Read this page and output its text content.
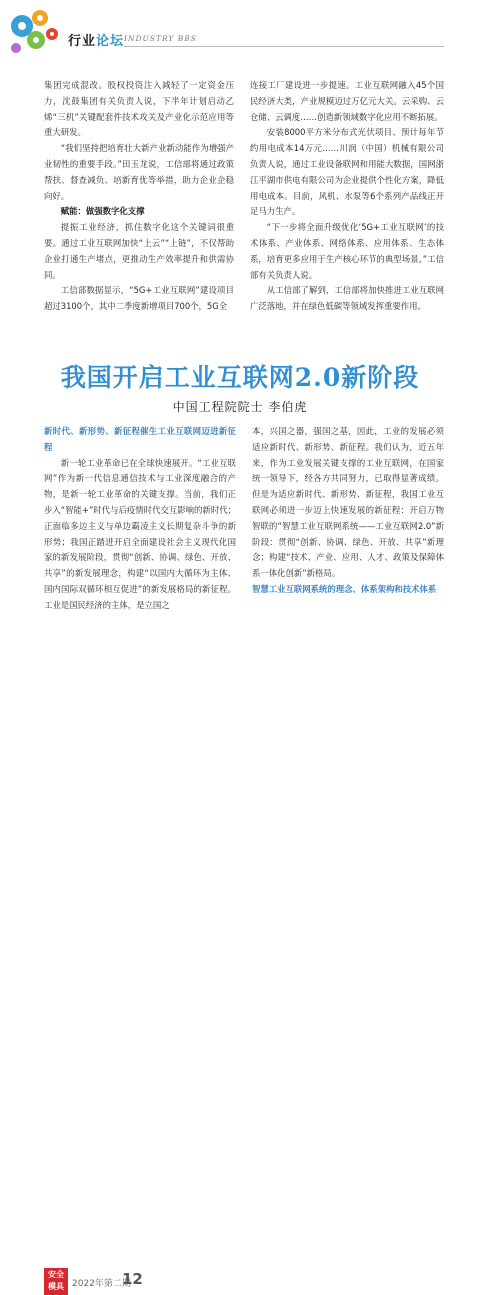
行业论坛 INDUSTRY BBS

集团完成混改。股权投资注入减轻了一定资金压力，沈鼓集团有关负责人说，下半年计划启动乙烯“三机”关键配套件技术攻关及产业化示范应用等重大研发。

“我们坚持把培育壮大新产业新动能作为增强产业韧性的重要手段。”田玉龙说，工信部将通过政策帮扶、督查减负、培新育优等举措，助力企业企稳向好。

赋能：做强数字化支撑

提振工业经济，抓住数字化这个关键词很重要。通过工业互联网加快“上云”“上链”，不仅帮助企业打通生产堵点，更推动生产效率提升和供需协同。

工信部数据显示，“5G+工业互联网”建设项目超过3100个，其中二季度新增项目700个，5G全

连接工厂建设进一步提速。工业互联网融入45个国民经济大类，产业规模迈过万亿元大关。云采购、云仓储、云调度……创造新领域数字化应用不断拓展。

安装8000平方米分布式光伏项目、预计每年节约用电成本14万元……川润（中国）机械有限公司负责人说，通过工业设备联网和用能大数据，国网浙江平湖市供电有限公司为企业提供个性化方案，降低用电成本。目前，风机、水泵等6个系列产品线正开足马力生产。

“下一步将全面升级优化‘5G+工业互联网’的技术体系、产业体系、网络体系、应用体系、生态体系，培育更多应用于生产核心环节的典型场景。”工信部有关负责人说。

从工信部了解到，工信部将加快推进工业互联网广泛落地，并在绿色低碳等领域发挥重要作用。

我国开启工业互联网2.0新阶段
中国工程院院士 李伯虎

新时代、新形势、新征程催生工业互联网迈进新征程

新一轮工业革命已在全球快速展开。“工业互联网”作为新一代信息通信技术与工业深度融合的产物，是新一轮工业革命的关键支撑。当前，我们正步入“智能+”时代与后疫情时代交互影响的新时代；正面临多边主义与单边霸凌主义长期复杂斗争的新形势；我国正踏进开启全面建设社会主义现代化国家的新发展阶段，贯彻“创新、协调、绿色、开放、共享”的新发展理念，构建“以国内大循环为主体、国内国际双循环相互促进”的新发展格局的新征程。工业是国民经济的主体，是立国之

本，兴国之器，强国之基，因此，工业的发展必须适应新时代、新形势、新征程。我们认为，近五年来，作为工业发展关键支撑的工业互联网，在国家统一领导下，经各方共同努力，已取得显著成绩。但是为适应新时代、新形势、新征程，我国工业互联网必须进一步迈上快速发展的新征程：开启万物智联的“智慧工业互联网系统——工业互联网2.0”新阶段：贯彻“创新、协调、绿色、开放、共享”新理念；构建“技术、产业、应用、人才、政策及保障体系一体化创新”新格局。

智慧工业互联网系统的理念、体系架构和技术体系

安全
模具 2022年第二期
12
